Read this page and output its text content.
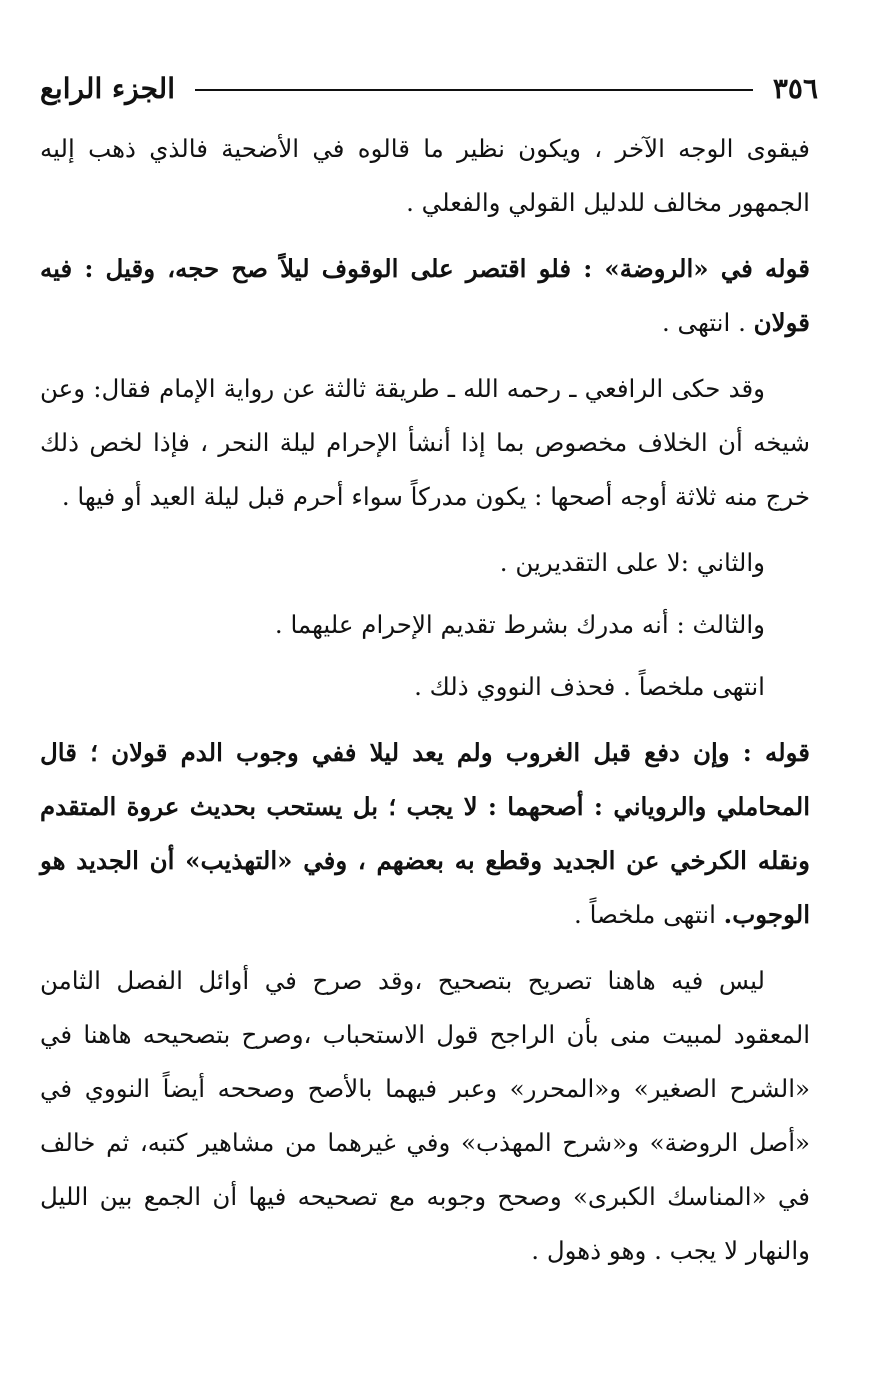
٣٥٦
الجزء الرابع

فيقوى الوجه الآخر ، ويكون نظير ما قالوه في الأضحية فالذي ذهب إليه الجمهور مخالف للدليل القولي والفعلي .

قوله في «الروضة» : فلو اقتصر على الوقوف ليلاً صح حجه، وقيل : فيه قولان . انتهى .

وقد حكى الرافعي ـ رحمه الله ـ طريقة ثالثة عن رواية الإمام فقال: وعن شيخه أن الخلاف مخصوص بما إذا أنشأ الإحرام ليلة النحر ، فإذا لخص ذلك خرج منه ثلاثة أوجه أصحها : يكون مدركاً سواء أحرم قبل ليلة العيد أو فيها .

والثاني :لا على التقديرين .

والثالث : أنه مدرك بشرط تقديم الإحرام عليهما .

انتهى ملخصاً . فحذف النووي ذلك .

قوله : وإن دفع قبل الغروب ولم يعد ليلا ففي وجوب الدم قولان ؛ قال المحاملي والروياني : أصحهما : لا يجب ؛ بل يستحب بحديث عروة المتقدم ونقله الكرخي عن الجديد وقطع به بعضهم ، وفي «التهذيب» أن الجديد هو الوجوب. انتهى ملخصاً .

ليس فيه هاهنا تصريح بتصحيح ،وقد صرح في أوائل الفصل الثامن المعقود لمبيت منى بأن الراجح قول الاستحباب ،وصرح بتصحيحه هاهنا في «الشرح الصغير» و«المحرر» وعبر فيهما بالأصح وصححه أيضاً النووي في «أصل الروضة» و«شرح المهذب» وفي غيرهما من مشاهير كتبه، ثم خالف في «المناسك الكبرى» وصحح وجوبه مع تصحيحه فيها أن الجمع بين الليل والنهار لا يجب . وهو ذهول .
